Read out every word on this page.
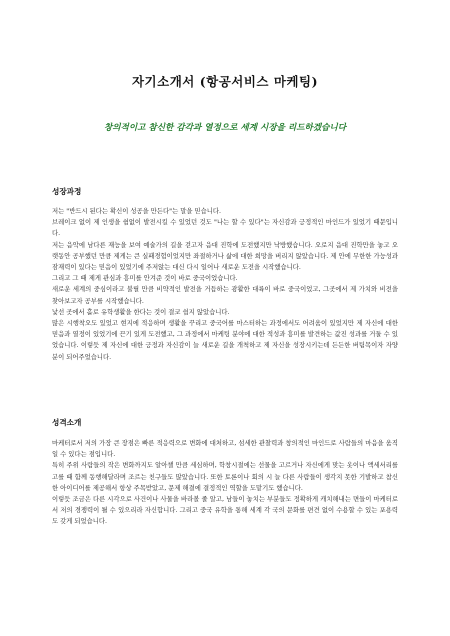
자기소개서 (항공서비스 마케팅)
창의적이고 참신한 감각과 열정으로 세계 시장을 리드하겠습니다
성장과정

저는 "반드시 된다는 확신이 성공을 만든다"는 말을 믿습니다.

브레이크 없이 제 인생을 쉼없이 발전시킬 수 있었던 것도 "나는 할 수 있다"는 자신감과 긍정적인 마인드가 있었기 때문입니다.

저는 음악에 남다른 재능을 보여 예술가의 길을 걷고자 음대 진학에 도전했지만 낙방했습니다. 오로지 음대 진학만을 놓고 오랫동안 공부했던 만큼 제게는 큰 실패경험이었지만 좌절하거나 삶에 대한 희망을 버리지 않았습니다. 제 안에 무한한 가능성과 잠재력이 있다는 믿음이 있었기에 주저앉는 대신 다시 일어나 새로운 도전을 시작했습니다.

그리고 그 때 제게 관심과 흥미를 안겨준 것이 바로 중국이었습니다.

새로운 세계의 중심이라고 불릴 만큼 비약적인 발전을 거듭하는 광활한 대륙이 바로 중국이었고, 그곳에서 제 가치와 비전을 찾아보고자 공부를 시작했습니다.

낯선 곳에서 홀로 유학생활을 한다는 것이 결코 쉽지 않았습니다.

많은 시행착오도 있었고 현지에 적응하며 생활을 꾸리고 중국어를 마스터하는 과정에서도 어려움이 있었지만 제 자신에 대한 믿음과 열정이 있었기에 끈기 있게 도전했고, 그 과정에서 마케팅 분야에 대한 적성과 흥미를 발견하는 값진 성과를 거둘 수 있었습니다. 이렇듯 제 자신에 대한 긍정과 자신감이 늘 새로운 길을 개척하고 제 자신을 성장시키는데 든든한 버팀목이자 자양분이 되어주었습니다.

성격소개

마케터로서 저의 가장 큰 장점은 빠른 적응력으로 변화에 대처하고, 섬세한 관찰력과 창의적인 마인드로 사람들의 마음을 움직일 수 있다는 점입니다.

특히 주위 사람들의 작은 변화까지도 알아챌 만큼 세심하며, 학창시절에는 선물을 고르거나 자신에게 맞는 옷이나 액세서리를 고를 때 함께 동행해달라며 조르는 친구들도 많았습니다. 또한 토론이나 회의 시 늘 다른 사람들이 생각지 못한 기발하고 참신한 아이디어를 제공해서 항상 주목받았고, 문제 해결에 결정적인 역할을 도맡기도 했습니다.

이렇듯 조금은 다른 시각으로 사건이나 사물을 바라볼 줄 알고, 남들이 놓치는 부분들도 정확하게 캐치해내는 면들이 마케터로서 저의 경쟁력이 될 수 있으리라 자신합니다. 그리고 중국 유학을 통해 세계 각 국의 문화를 편견 없이 수용할 수 있는 포용력도 갖게 되었습니다.
